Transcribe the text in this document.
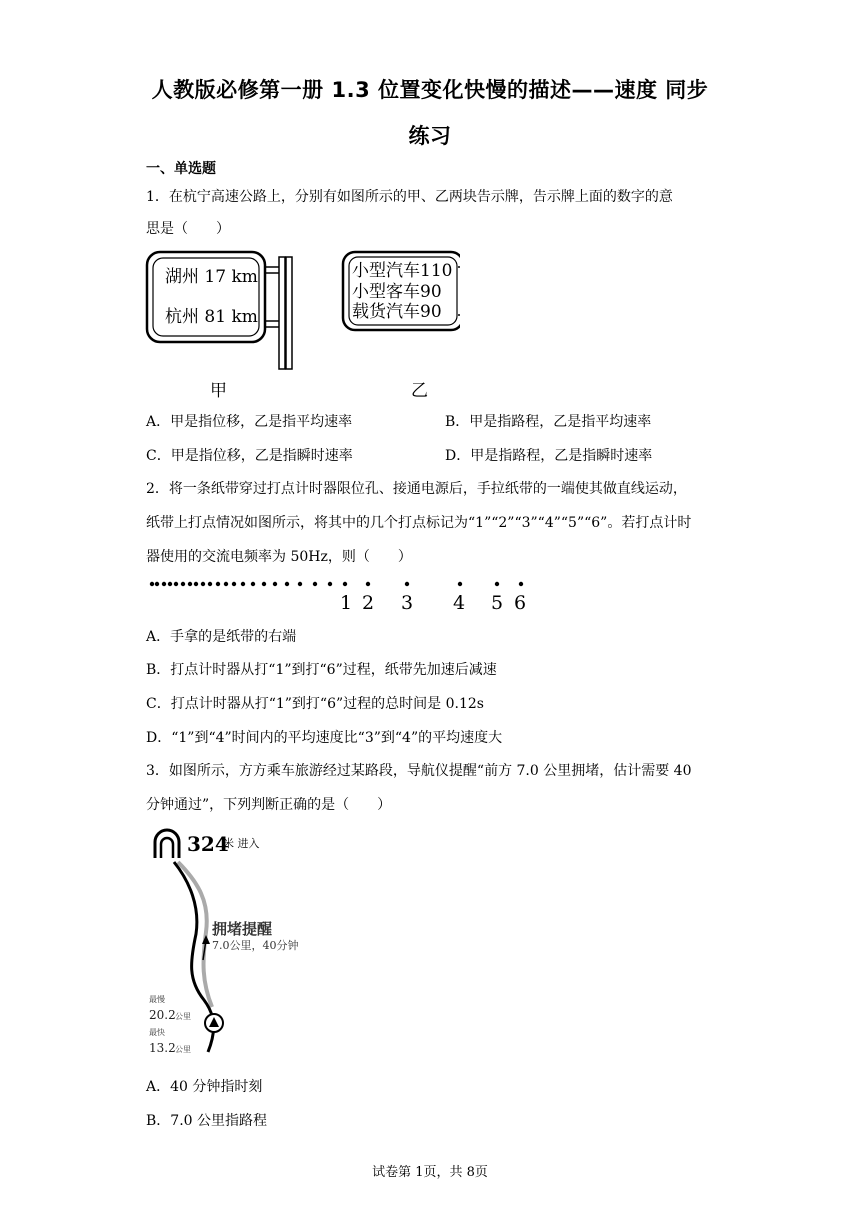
人教版必修第一册 1.3 位置变化快慢的描述——速度 同步
练习
一、单选题
1．在杭宁高速公路上，分别有如图所示的甲、乙两块告示牌，告示牌上面的数字的意
思是（　　）
湖州 17 km
杭州 81 km
甲
小型汽车110
小型客车90
载货汽车90
乙
A．甲是指位移，乙是指平均速率	B．甲是指路程，乙是指平均速率
C．甲是指位移，乙是指瞬时速率	D．甲是指路程，乙是指瞬时速率
2．将一条纸带穿过打点计时器限位孔、接通电源后，手拉纸带的一端使其做直线运动，
纸带上打点情况如图所示，将其中的几个打点标记为“1”“2”“3”“4”“5”“6”。若打点计时
器使用的交流电频率为 50Hz，则（　　）
1 2 3 4 5 6
A．手拿的是纸带的右端
B．打点计时器从打“1”到打“6”过程，纸带先加速后减速
C．打点计时器从打“1”到打“6”过程的总时间是 0.12s
D．“1”到“4”时间内的平均速度比“3”到“4”的平均速度大
3．如图所示，方方乘车旅游经过某路段，导航仪提醒“前方 7.0 公里拥堵，估计需要 40
分钟通过”，下列判断正确的是（　　）
324
米 进入
拥堵提醒
7.0公里，40分钟
最慢
20.2 公里
最快
13.2 公里
A．40 分钟指时刻
B．7.0 公里指路程
试卷第 1页，共 8页
